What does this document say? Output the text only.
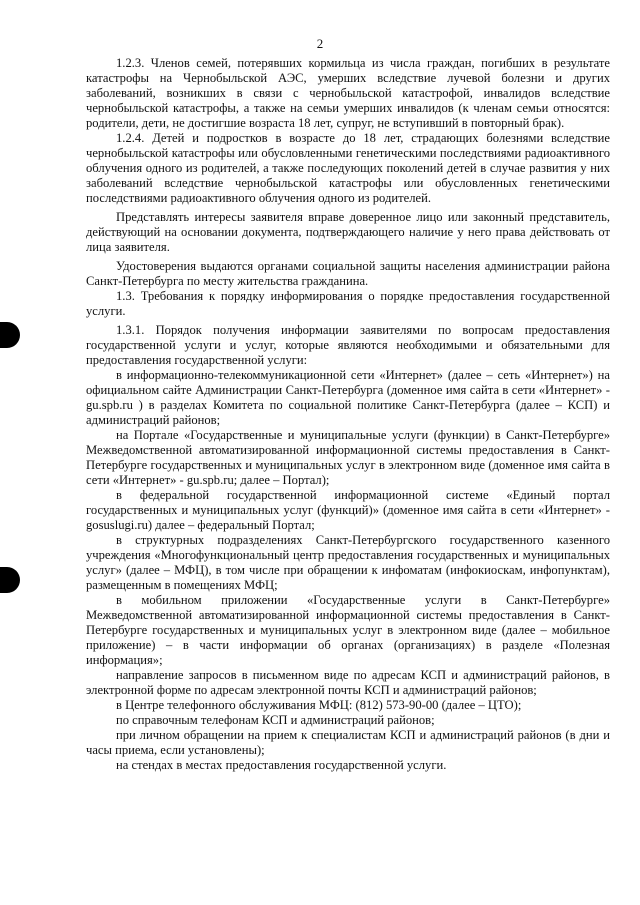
2

1.2.3. Членов семей, потерявших кормильца из числа граждан, погибших в результате катастрофы на Чернобыльской АЭС, умерших вследствие лучевой болезни и других заболеваний, возникших в связи с чернобыльской катастрофой, инвалидов вследствие чернобыльской катастрофы, а также на семьи умерших инвалидов (к членам семьи относятся: родители, дети, не достигшие возраста 18 лет, супруг, не вступивший в повторный брак).

1.2.4. Детей и подростков в возрасте до 18 лет, страдающих болезнями вследствие чернобыльской катастрофы или обусловленными генетическими последствиями радиоактивного облучения одного из родителей, а также последующих поколений детей в случае развития у них заболеваний вследствие чернобыльской катастрофы или обусловленных генетическими последствиями радиоактивного облучения одного из родителей.

Представлять интересы заявителя вправе доверенное лицо или законный представитель, действующий на основании документа, подтверждающего наличие у него права действовать от лица заявителя.

Удостоверения выдаются органами социальной защиты населения администрации района Санкт-Петербурга по месту жительства гражданина.

1.3. Требования к порядку информирования о порядке предоставления государственной услуги.

1.3.1. Порядок получения информации заявителями по вопросам предоставления государственной услуги и услуг, которые являются необходимыми и обязательными для предоставления государственной услуги:

в информационно-телекоммуникационной сети «Интернет» (далее – сеть «Интернет») на официальном сайте Администрации Санкт-Петербурга (доменное имя сайта в сети «Интернет» - gu.spb.ru ) в разделах Комитета по социальной политике Санкт-Петербурга (далее – КСП) и администраций районов;

на Портале «Государственные и муниципальные услуги (функции) в Санкт-Петербурге» Межведомственной автоматизированной информационной системы предоставления в Санкт-Петербурге государственных и муниципальных услуг в электронном виде (доменное имя сайта в сети «Интернет» - gu.spb.ru; далее – Портал);

в федеральной государственной информационной системе «Единый портал государственных и муниципальных услуг (функций)» (доменное имя сайта в сети «Интернет» - gosuslugi.ru) далее – федеральный Портал;

в структурных подразделениях Санкт-Петербургского государственного казенного учреждения «Многофункциональный центр предоставления государственных и муниципальных услуг» (далее – МФЦ), в том числе при обращении к инфоматам (инфокиоскам, инфопунктам), размещенным в помещениях МФЦ;

в мобильном приложении «Государственные услуги в Санкт-Петербурге» Межведомственной автоматизированной информационной системы предоставления в Санкт-Петербурге государственных и муниципальных услуг в электронном виде (далее – мобильное приложение) – в части информации об органах (организациях) в разделе «Полезная информация»;

направление запросов в письменном виде по адресам КСП и администраций районов, в электронной форме по адресам электронной почты КСП и администраций районов;

в Центре телефонного обслуживания МФЦ: (812) 573-90-00 (далее – ЦТО);

по справочным телефонам КСП и администраций районов;

при личном обращении на прием к специалистам КСП и администраций районов (в дни и часы приема, если установлены);

на стендах в местах предоставления государственной услуги.
